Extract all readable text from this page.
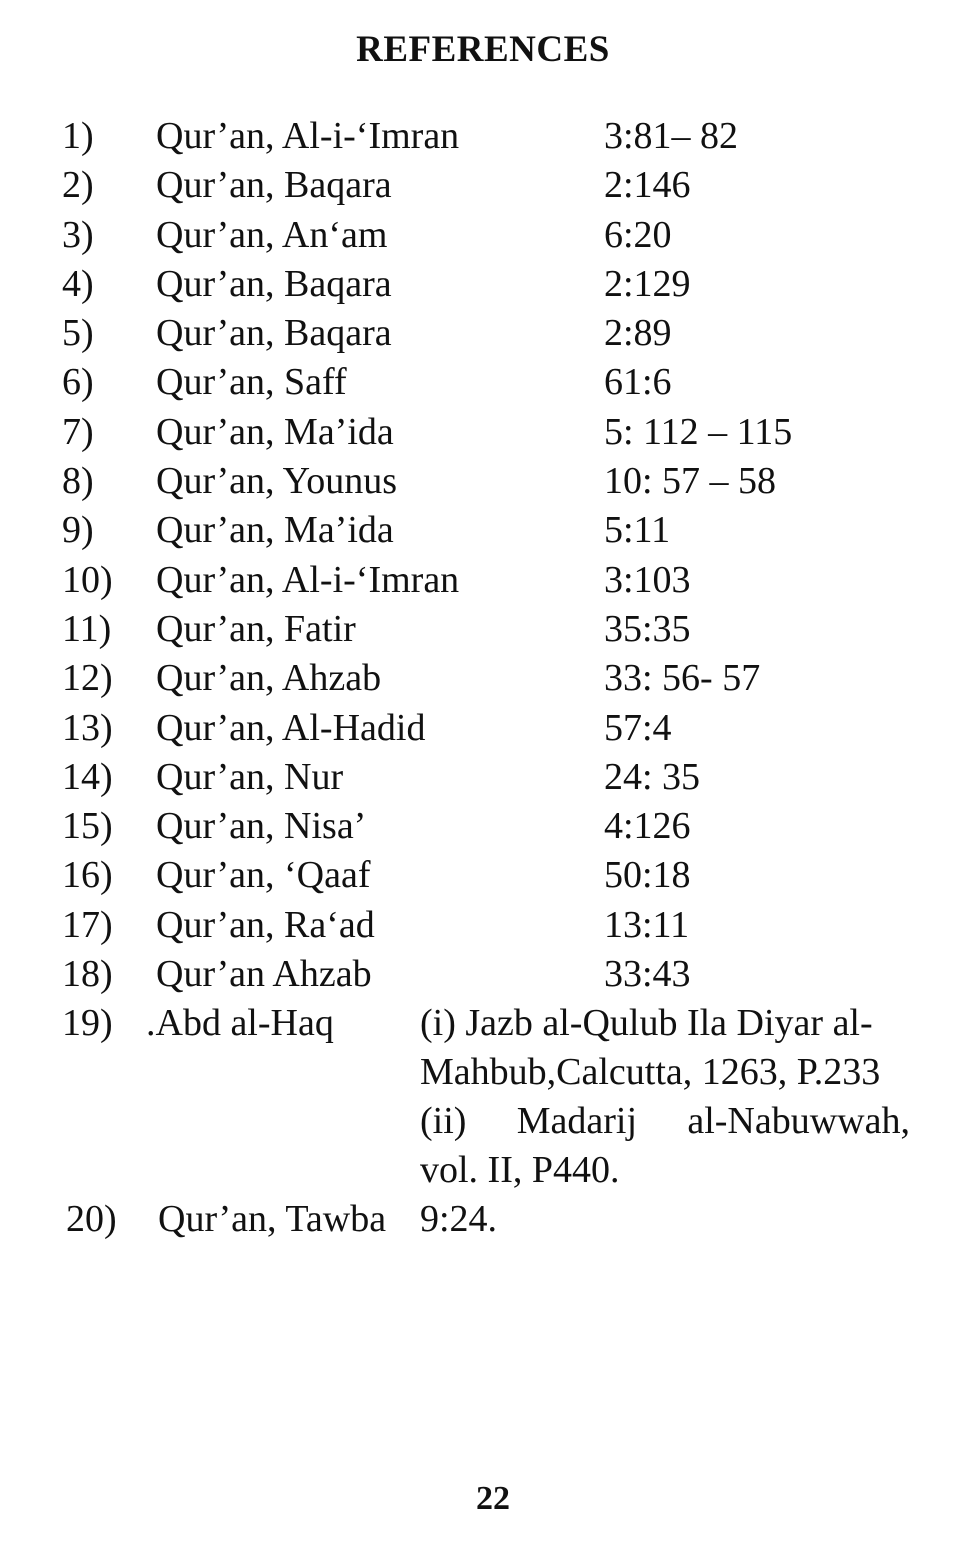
REFERENCES
1) Qur’an, Al-i-‘Imran	3:81– 82
2) Qur’an, Baqara	2:146
3) Qur’an, An‘am	6:20
4) Qur’an, Baqara	2:129
5) Qur’an, Baqara	2:89
6) Qur’an, Saff	61:6
7) Qur’an, Ma’ida	5: 112 – 115
8) Qur’an, Younus	10: 57 – 58
9) Qur’an, Ma’ida	5:11
10) Qur’an, Al-i-‘Imran	3:103
11) Qur’an, Fatir	35:35
12) Qur’an, Ahzab	33: 56- 57
13) Qur’an, Al-Hadid	57:4
14) Qur’an, Nur	24: 35
15) Qur’an, Nisa’	4:126
16) Qur’an, ‘Qaaf	50:18
17) Qur’an, Ra‘ad	13:11
18) Qur’an Ahzab	33:43
19) .Abd al-Haq (i) Jazb al-Qulub Ila Diyar al-
Mahbub,Calcutta, 1263, P.233
(ii) Madarij al-Nabuwwah,
vol. II, P440.
20) Qur’an, Tawba 9:24.
22
